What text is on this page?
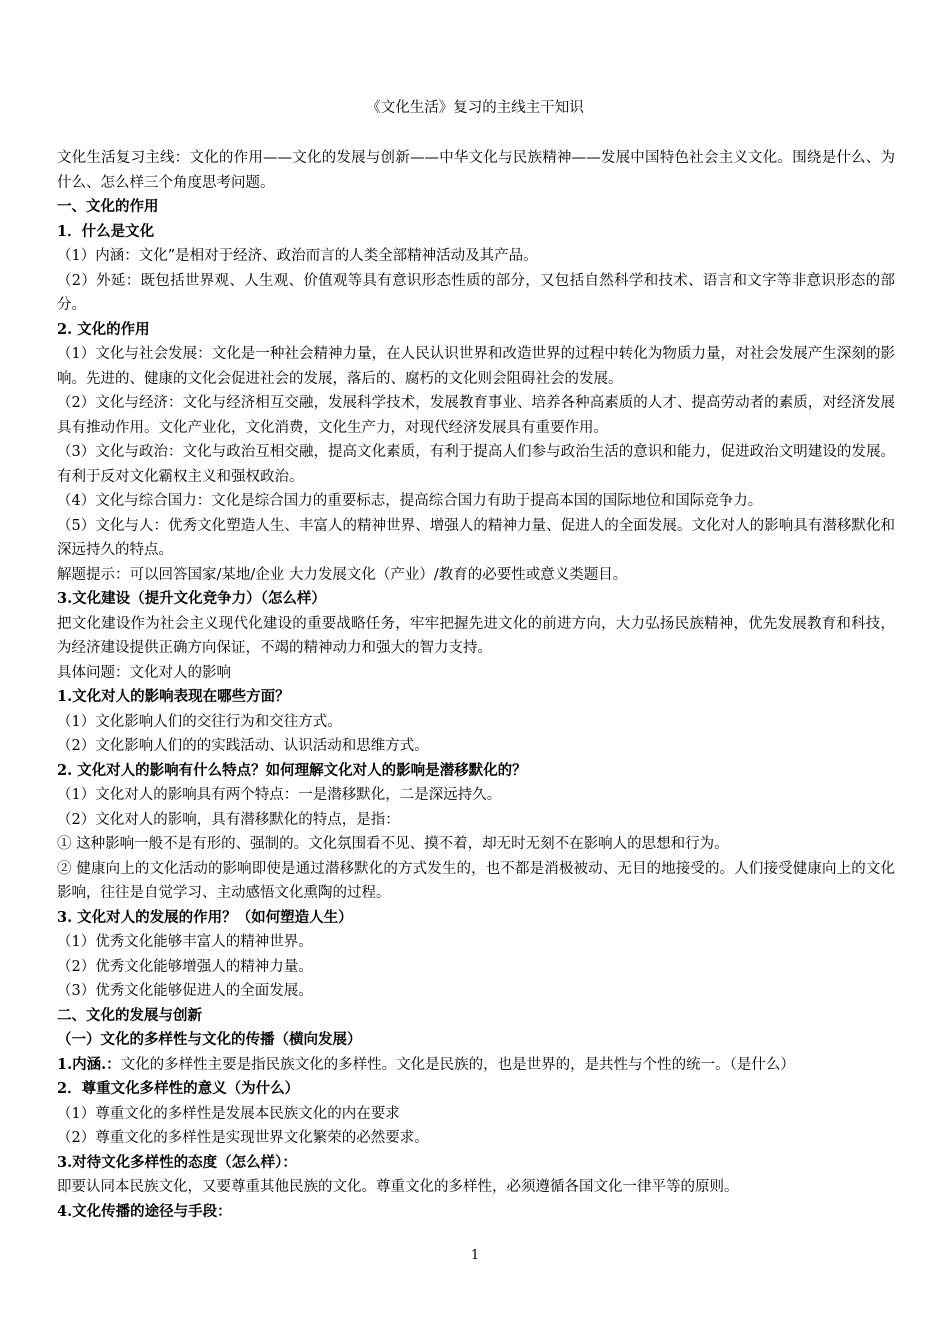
《文化生活》复习的主线主干知识

文化生活复习主线：文化的作用——文化的发展与创新——中华文化与民族精神——发展中国特色社会主义文化。围绕是什么、为什么、怎么样三个角度思考问题。

一、文化的作用

1．什么是文化

（1）内涵：文化”是相对于经济、政治而言的人类全部精神活动及其产品。

（2）外延：既包括世界观、人生观、价值观等具有意识形态性质的部分，又包括自然科学和技术、语言和文字等非意识形态的部分。

2. 文化的作用

（1）文化与社会发展：文化是一种社会精神力量，在人民认识世界和改造世界的过程中转化为物质力量，对社会发展产生深刻的影响。先进的、健康的文化会促进社会的发展，落后的、腐朽的文化则会阻碍社会的发展。

（2）文化与经济：文化与经济相互交融，发展科学技术，发展教育事业、培养各种高素质的人才、提高劳动者的素质，对经济发展具有推动作用。文化产业化，文化消费，文化生产力，对现代经济发展具有重要作用。

（3）文化与政治：文化与政治互相交融，提高文化素质，有利于提高人们参与政治生活的意识和能力，促进政治文明建设的发展。有利于反对文化霸权主义和强权政治。

（4）文化与综合国力：文化是综合国力的重要标志，提高综合国力有助于提高本国的国际地位和国际竞争力。

（5）文化与人：优秀文化塑造人生、丰富人的精神世界、增强人的精神力量、促进人的全面发展。文化对人的影响具有潜移默化和深远持久的特点。

解题提示：可以回答国家/某地/企业 大力发展文化（产业）/教育的必要性或意义类题目。

3.文化建设（提升文化竞争力）（怎么样）

把文化建设作为社会主义现代化建设的重要战略任务，牢牢把握先进文化的前进方向，大力弘扬民族精神，优先发展教育和科技，为经济建设提供正确方向保证，不竭的精神动力和强大的智力支持。

具体问题：文化对人的影响

1.文化对人的影响表现在哪些方面？

（1）文化影响人们的交往行为和交往方式。

（2）文化影响人们的的实践活动、认识活动和思维方式。

2. 文化对人的影响有什么特点？如何理解文化对人的影响是潜移默化的？

（1）文化对人的影响具有两个特点：一是潜移默化，二是深远持久。

（2）文化对人的影响，具有潜移默化的特点，是指：

① 这种影响一般不是有形的、强制的。文化氛围看不见、摸不着，却无时无刻不在影响人的思想和行为。

② 健康向上的文化活动的影响即使是通过潜移默化的方式发生的，也不都是消极被动、无目的地接受的。人们接受健康向上的文化影响，往往是自觉学习、主动感悟文化熏陶的过程。

3. 文化对人的发展的作用？（如何塑造人生）

（1）优秀文化能够丰富人的精神世界。

（2）优秀文化能够增强人的精神力量。

（3）优秀文化能够促进人的全面发展。

二、文化的发展与创新

（一）文化的多样性与文化的传播（横向发展）

1.内涵.：文化的多样性主要是指民族文化的多样性。文化是民族的，也是世界的，是共性与个性的统一。（是什么）

2．尊重文化多样性的意义（为什么）

（1）尊重文化的多样性是发展本民族文化的内在要求

（2）尊重文化的多样性是实现世界文化繁荣的必然要求。

3.对待文化多样性的态度（怎么样）：

即要认同本民族文化，又要尊重其他民族的文化。尊重文化的多样性，必须遵循各国文化一律平等的原则。

4.文化传播的途径与手段：

1
